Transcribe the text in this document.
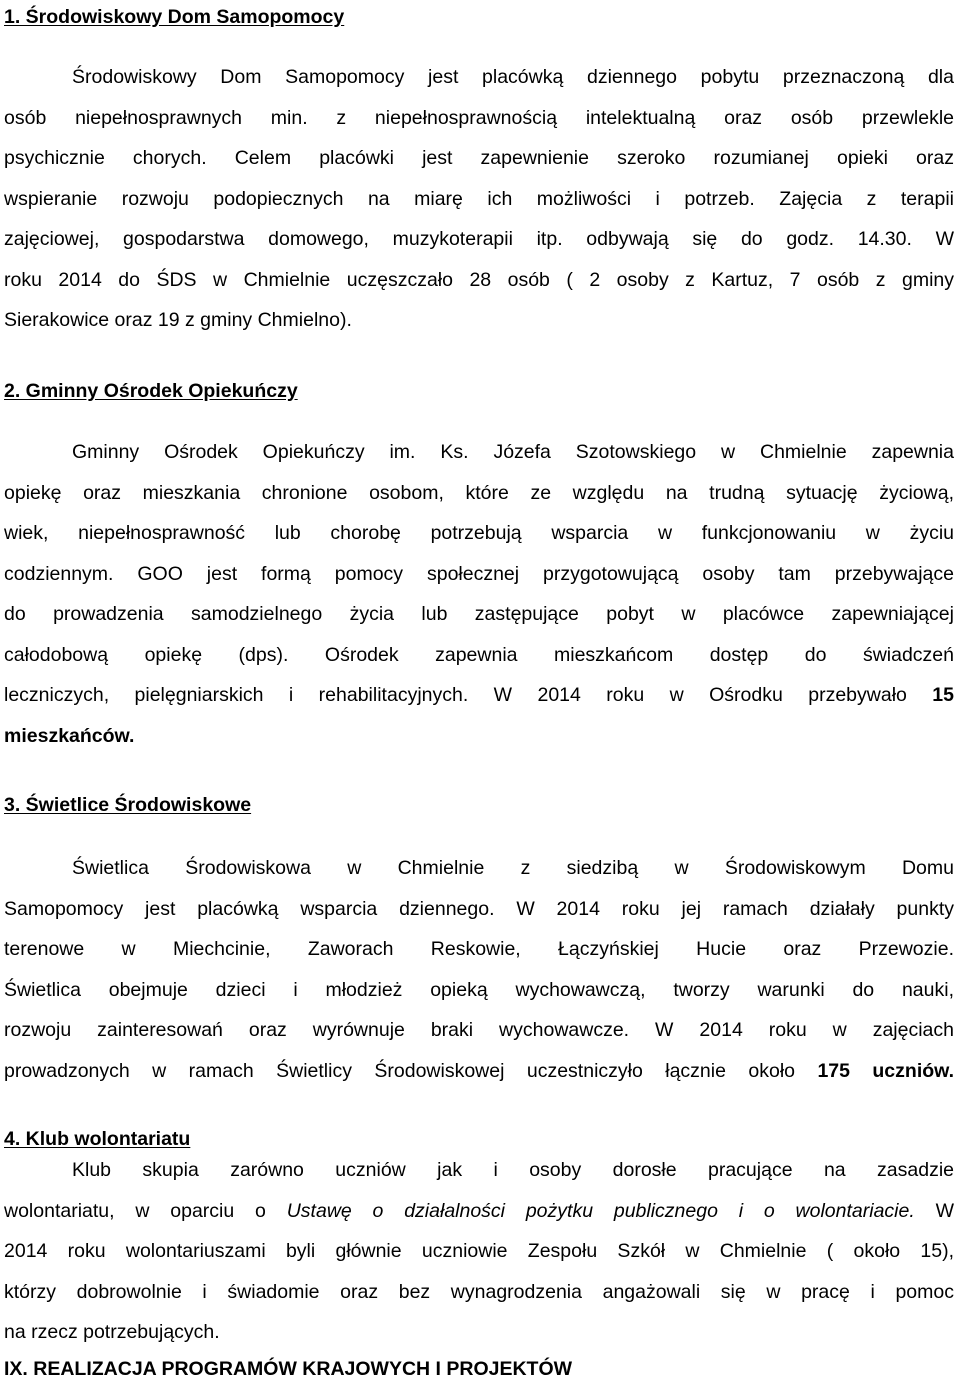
1. Środowiskowy Dom Samopomocy
Środowiskowy Dom Samopomocy jest placówką dziennego pobytu przeznaczoną dla
osób niepełnosprawnych min. z niepełnosprawnością intelektualną oraz osób przewlekle
psychicznie chorych. Celem placówki jest zapewnienie szeroko rozumianej opieki oraz
wspieranie rozwoju podopiecznych na miarę ich możliwości i potrzeb. Zajęcia z terapii
zajęciowej, gospodarstwa domowego, muzykoterapii itp. odbywają się do godz. 14.30. W
roku 2014 do ŚDS w Chmielnie uczęszczało 28 osób ( 2 osoby z Kartuz, 7 osób z gminy
Sierakowice oraz 19 z gminy Chmielno).
2. Gminny Ośrodek Opiekuńczy
Gminny Ośrodek Opiekuńczy im. Ks. Józefa Szotowskiego w Chmielnie zapewnia
opiekę oraz mieszkania chronione osobom, które ze względu na trudną sytuację życiową,
wiek, niepełnosprawność lub chorobę potrzebują wsparcia w funkcjonowaniu w życiu
codziennym. GOO jest formą pomocy społecznej przygotowującą osoby tam przebywające
do prowadzenia samodzielnego życia lub zastępujące pobyt w placówce zapewniającej
całodobową opiekę (dps). Ośrodek zapewnia mieszkańcom dostęp do świadczeń
leczniczych, pielęgniarskich i rehabilitacyjnych. W 2014 roku w Ośrodku przebywało 15
mieszkańców.
3. Świetlice Środowiskowe
Świetlica Środowiskowa w Chmielnie z siedzibą w Środowiskowym Domu
Samopomocy jest placówką wsparcia dziennego. W 2014 roku jej ramach działały punkty
terenowe w Miechcinie, Zaworach Reskowie, Łączyńskiej Hucie oraz Przewozie.
Świetlica obejmuje dzieci i młodzież opieką wychowawczą, tworzy warunki do nauki,
rozwoju zainteresowań oraz wyrównuje braki wychowawcze. W 2014 roku w zajęciach
prowadzonych w ramach Świetlicy Środowiskowej uczestniczyło łącznie około 175 uczniów.
4. Klub wolontariatu
Klub skupia zarówno uczniów jak i osoby dorosłe pracujące na zasadzie
wolontariatu, w oparciu o Ustawę o działalności pożytku publicznego i o wolontariacie. W
2014 roku wolontariuszami byli głównie uczniowie Zespołu Szkół w Chmielnie ( około 15),
którzy dobrowolnie i świadomie oraz bez wynagrodzenia angażowali się w pracę i pomoc
na rzecz potrzebujących.
IX. REALIZACJA PROGRAMÓW KRAJOWYCH I PROJEKTÓW
